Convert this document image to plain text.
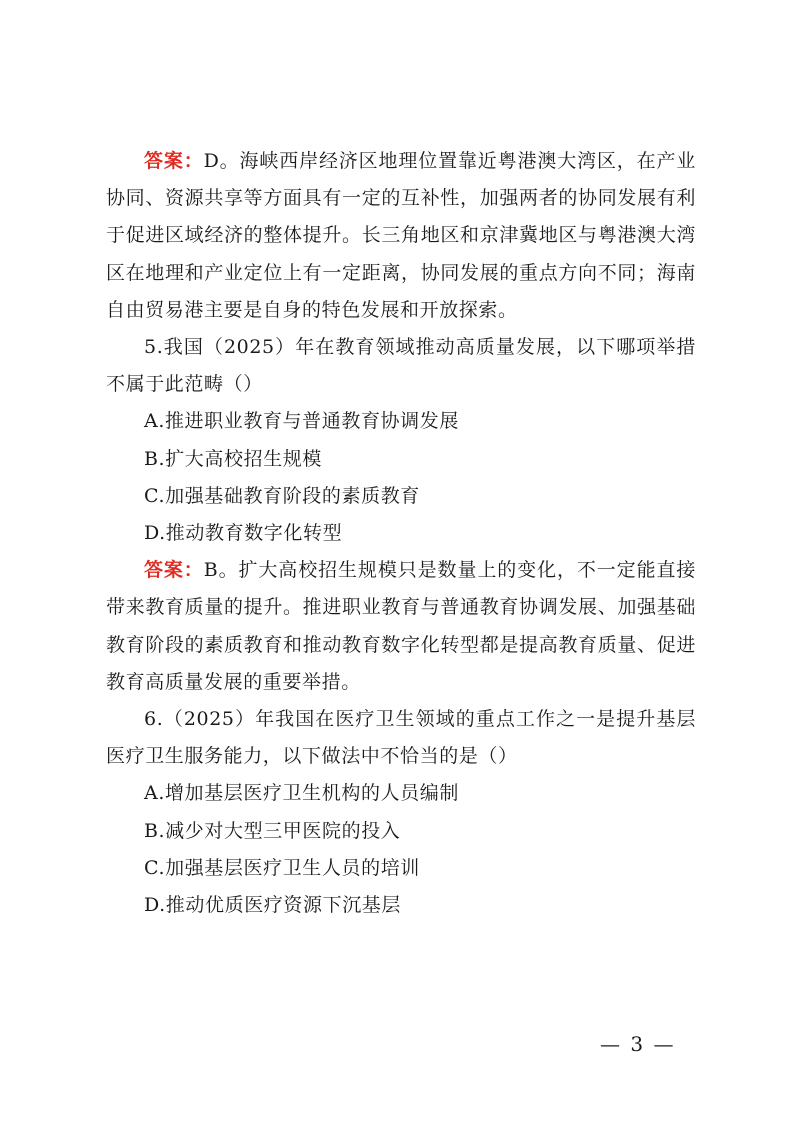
答案：D。海峡西岸经济区地理位置靠近粤港澳大湾区，在产业协同、资源共享等方面具有一定的互补性，加强两者的协同发展有利于促进区域经济的整体提升。长三角地区和京津冀地区与粤港澳大湾区在地理和产业定位上有一定距离，协同发展的重点方向不同；海南自由贸易港主要是自身的特色发展和开放探索。

5.我国（2025）年在教育领域推动高质量发展，以下哪项举措不属于此范畴（）

A.推进职业教育与普通教育协调发展

B.扩大高校招生规模

C.加强基础教育阶段的素质教育

D.推动教育数字化转型

答案：B。扩大高校招生规模只是数量上的变化，不一定能直接带来教育质量的提升。推进职业教育与普通教育协调发展、加强基础教育阶段的素质教育和推动教育数字化转型都是提高教育质量、促进教育高质量发展的重要举措。

6.（2025）年我国在医疗卫生领域的重点工作之一是提升基层医疗卫生服务能力，以下做法中不恰当的是（）

A.增加基层医疗卫生机构的人员编制

B.减少对大型三甲医院的投入

C.加强基层医疗卫生人员的培训

D.推动优质医疗资源下沉基层

— 3 —
